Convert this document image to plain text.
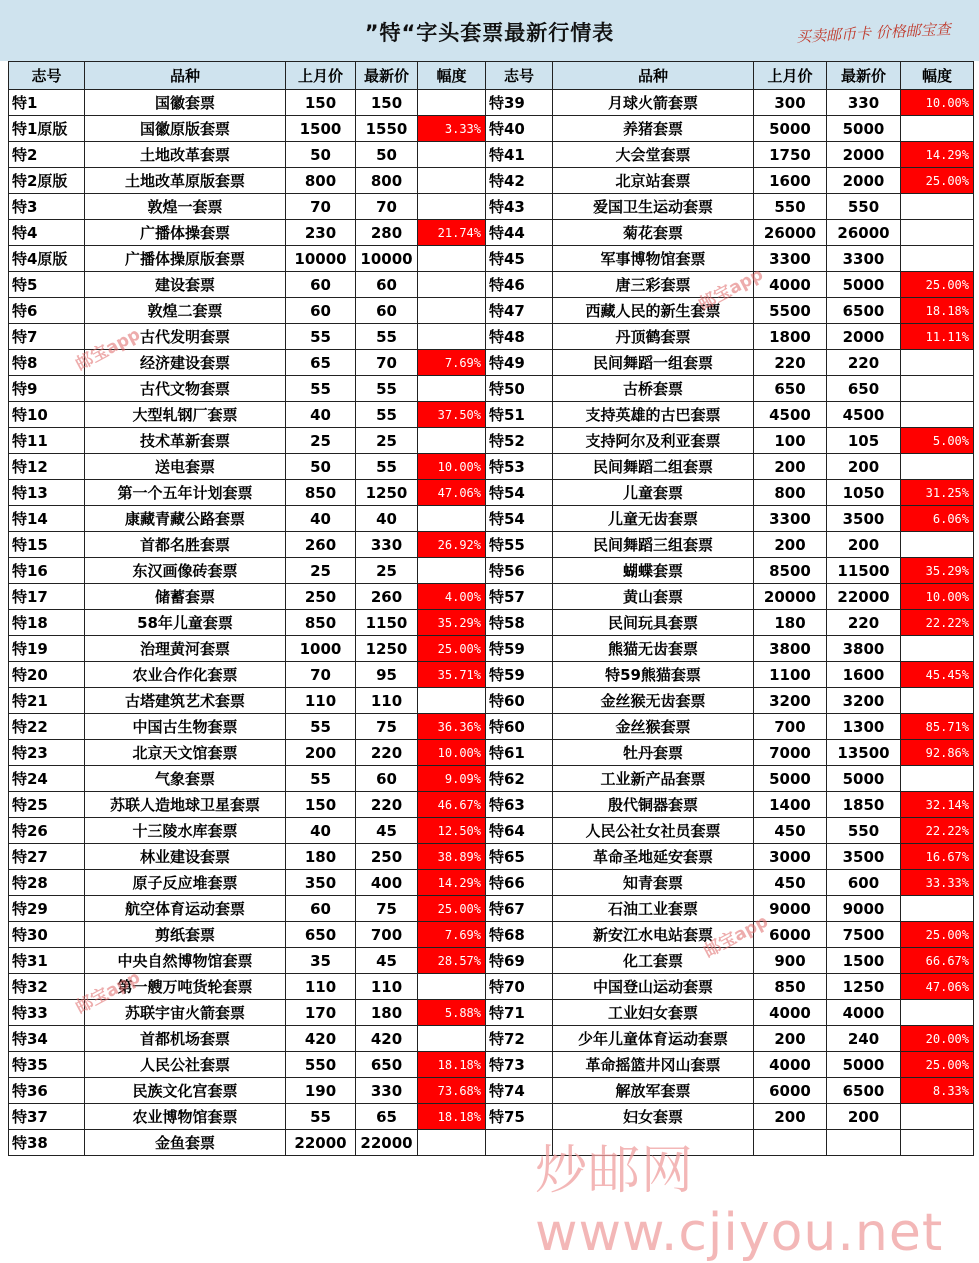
”特“字头套票最新行情表	买卖邮币卡 价格邮宝查
志号	品种	上月价	最新价	幅度	志号	品种	上月价	最新价	幅度
特1	国徽套票	150	150		特39	月球火箭套票	300	330	10.00%
特1原版	国徽原版套票	1500	1550	3.33%	特40	养猪套票	5000	5000	
特2	土地改革套票	50	50		特41	大会堂套票	1750	2000	14.29%
特2原版	土地改革原版套票	800	800		特42	北京站套票	1600	2000	25.00%
特3	敦煌一套票	70	70		特43	爱国卫生运动套票	550	550	
特4	广播体操套票	230	280	21.74%	特44	菊花套票	26000	26000	
特4原版	广播体操原版套票	10000	10000		特45	军事博物馆套票	3300	3300	
特5	建设套票	60	60		特46	唐三彩套票	4000	5000	25.00%
特6	敦煌二套票	60	60		特47	西藏人民的新生套票	5500	6500	18.18%
特7	古代发明套票	55	55		特48	丹顶鹤套票	1800	2000	11.11%
特8	经济建设套票	65	70	7.69%	特49	民间舞蹈一组套票	220	220	
特9	古代文物套票	55	55		特50	古桥套票	650	650	
特10	大型轧钢厂套票	40	55	37.50%	特51	支持英雄的古巴套票	4500	4500	
特11	技术革新套票	25	25		特52	支持阿尔及利亚套票	100	105	5.00%
特12	送电套票	50	55	10.00%	特53	民间舞蹈二组套票	200	200	
特13	第一个五年计划套票	850	1250	47.06%	特54	儿童套票	800	1050	31.25%
特14	康藏青藏公路套票	40	40		特54	儿童无齿套票	3300	3500	6.06%
特15	首都名胜套票	260	330	26.92%	特55	民间舞蹈三组套票	200	200	
特16	东汉画像砖套票	25	25		特56	蝴蝶套票	8500	11500	35.29%
特17	储蓄套票	250	260	4.00%	特57	黄山套票	20000	22000	10.00%
特18	58年儿童套票	850	1150	35.29%	特58	民间玩具套票	180	220	22.22%
特19	治理黄河套票	1000	1250	25.00%	特59	熊猫无齿套票	3800	3800	
特20	农业合作化套票	70	95	35.71%	特59	特59熊猫套票	1100	1600	45.45%
特21	古塔建筑艺术套票	110	110		特60	金丝猴无齿套票	3200	3200	
特22	中国古生物套票	55	75	36.36%	特60	金丝猴套票	700	1300	85.71%
特23	北京天文馆套票	200	220	10.00%	特61	牡丹套票	7000	13500	92.86%
特24	气象套票	55	60	9.09%	特62	工业新产品套票	5000	5000	
特25	苏联人造地球卫星套票	150	220	46.67%	特63	殷代铜器套票	1400	1850	32.14%
特26	十三陵水库套票	40	45	12.50%	特64	人民公社女社员套票	450	550	22.22%
特27	林业建设套票	180	250	38.89%	特65	革命圣地延安套票	3000	3500	16.67%
特28	原子反应堆套票	350	400	14.29%	特66	知青套票	450	600	33.33%
特29	航空体育运动套票	60	75	25.00%	特67	石油工业套票	9000	9000	
特30	剪纸套票	650	700	7.69%	特68	新安江水电站套票	6000	7500	25.00%
特31	中央自然博物馆套票	35	45	28.57%	特69	化工套票	900	1500	66.67%
特32	第一艘万吨货轮套票	110	110		特70	中国登山运动套票	850	1250	47.06%
特33	苏联宇宙火箭套票	170	180	5.88%	特71	工业妇女套票	4000	4000	
特34	首都机场套票	420	420		特72	少年儿童体育运动套票	200	240	20.00%
特35	人民公社套票	550	650	18.18%	特73	革命摇篮井冈山套票	4000	5000	25.00%
特36	民族文化宫套票	190	330	73.68%	特74	解放军套票	6000	6500	8.33%
特37	农业博物馆套票	55	65	18.18%	特75	妇女套票	200	200	
特38	金鱼套票	22000	22000						
邮宝app
邮宝app
邮宝app
邮宝app
炒邮网 www.cjiyou.net
